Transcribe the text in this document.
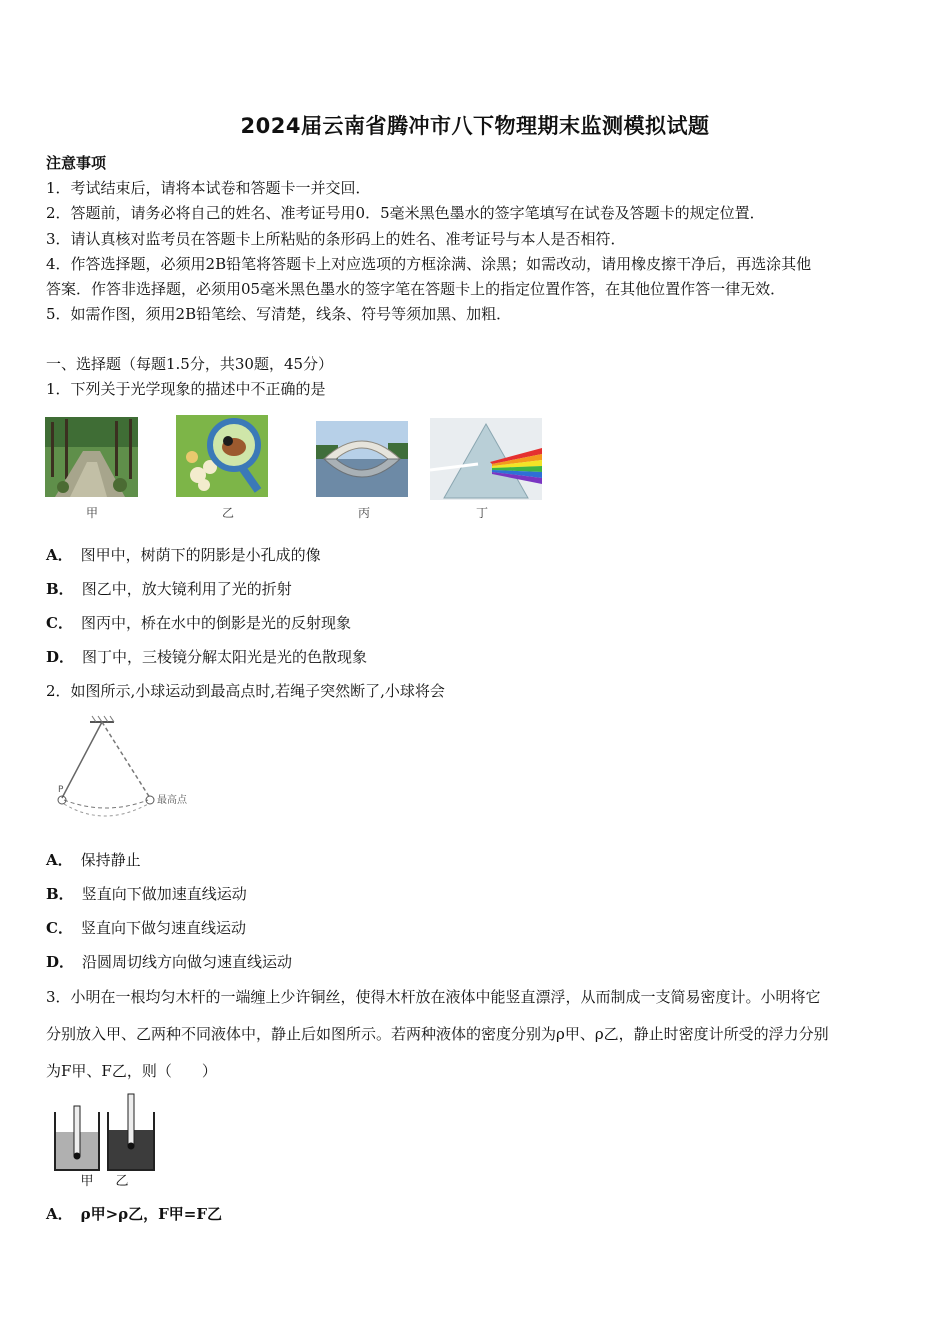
2024届云南省腾冲市八下物理期末监测模拟试题
注意事项
1．考试结束后，请将本试卷和答题卡一并交回．
2．答题前，请务必将自己的姓名、准考证号用0．5毫米黑色墨水的签字笔填写在试卷及答题卡的规定位置．
3．请认真核对监考员在答题卡上所粘贴的条形码上的姓名、准考证号与本人是否相符．
4．作答选择题，必须用2B铅笔将答题卡上对应选项的方框涂满、涂黑；如需改动，请用橡皮擦干净后，再选涂其他
答案．作答非选择题，必须用05毫米黑色墨水的签字笔在答题卡上的指定位置作答，在其他位置作答一律无效．
5．如需作图，须用2B铅笔绘、写清楚，线条、符号等须加黑、加粗．
一、选择题（每题1.5分，共30题，45分）
1．下列关于光学现象的描述中不正确的是
甲	乙	丙	丁
A． 图甲中，树荫下的阴影是小孔成的像
B． 图乙中，放大镜利用了光的折射
C． 图丙中，桥在水中的倒影是光的反射现象
D． 图丁中，三棱镜分解太阳光是光的色散现象
2．如图所示,小球运动到最高点时,若绳子突然断了,小球将会
P
最高点
A． 保持静止
B． 竖直向下做加速直线运动
C． 竖直向下做匀速直线运动
D． 沿圆周切线方向做匀速直线运动
3．小明在一根均匀木杆的一端缠上少许铜丝，使得木杆放在液体中能竖直漂浮，从而制成一支简易密度计。小明将它
分别放入甲、乙两种不同液体中，静止后如图所示。若两种液体的密度分别为ρ甲、ρ乙，静止时密度计所受的浮力分别
为F甲、F乙，则（　　）
甲	乙
A． ρ甲>ρ乙，F甲=F乙
